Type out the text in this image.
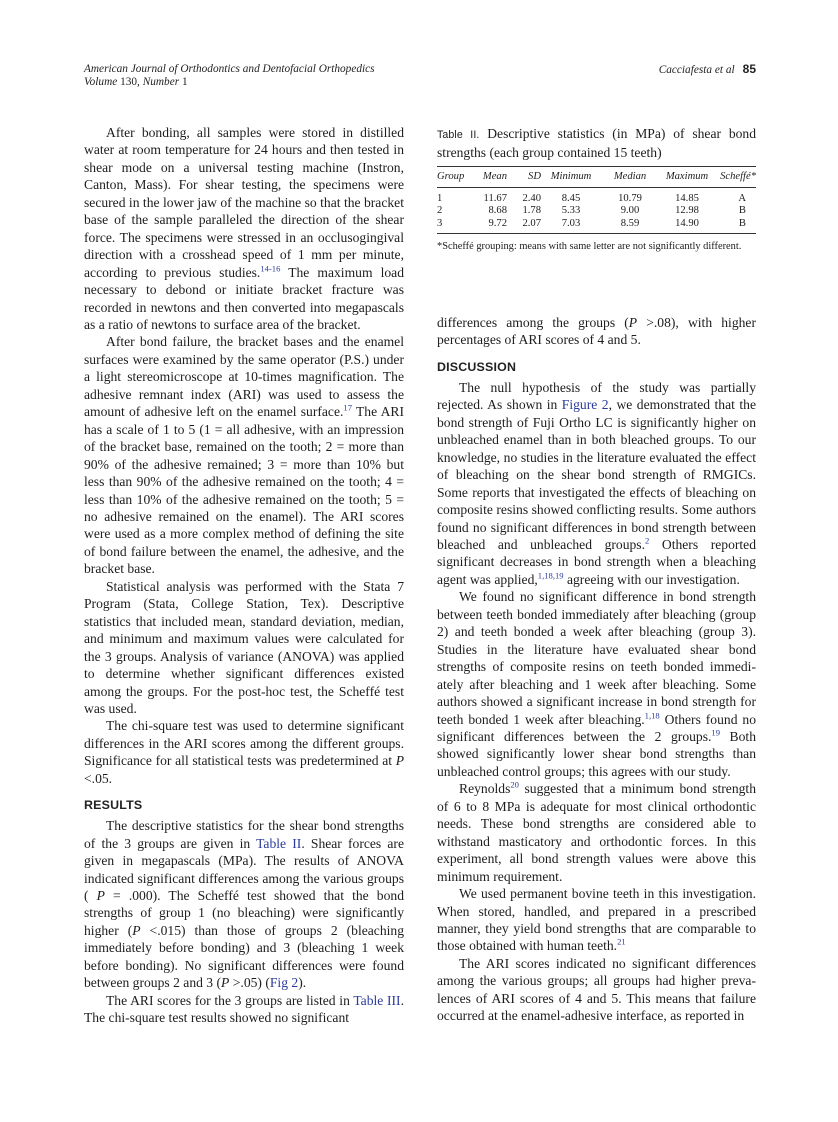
American Journal of Orthodontics and Dentofacial Orthopedics
Volume 130, Number 1
Cacciafesta et al 85

After bonding, all samples were stored in distilled water at room temperature for 24 hours and then tested in shear mode on a universal testing machine (Instron, Canton, Mass). For shear testing, the specimens were secured in the lower jaw of the machine so that the bracket base of the sample paralleled the direction of the shear force. The specimens were stressed in an occlusogingival direction with a crosshead speed of 1 mm per minute, according to previous studies.$^{14-16}$ The maximum load necessary to debond or initiate bracket fracture was recorded in newtons and then converted into megapascals as a ratio of newtons to surface area of the bracket.

After bond failure, the bracket bases and the enamel surfaces were examined by the same operator (P.S.) under a light stereomicroscope at 10-times magnification. The adhesive remnant index (ARI) was used to assess the amount of adhesive left on the enamel surface.$^{17}$ The ARI has a scale of 1 to 5 (1 = all adhesive, with an impression of the bracket base, remained on the tooth; 2 = more than 90% of the adhesive remained; 3 = more than 10% but less than 90% of the adhesive remained on the tooth; 4 = less than 10% of the adhesive remained on the tooth; 5 = no adhesive remained on the enamel). The ARI scores were used as a more complex method of defining the site of bond failure between the enamel, the adhesive, and the bracket base.

Statistical analysis was performed with the Stata 7 Program (Stata, College Station, Tex). Descriptive statistics that included mean, standard deviation, median, and minimum and maximum values were calculated for the 3 groups. Analysis of variance (ANOVA) was applied to determine whether significant differences existed among the groups. For the post-hoc test, the Scheffé test was used.

The chi-square test was used to determine significant differences in the ARI scores among the different groups. Significance for all statistical tests was predetermined at P <.05.

RESULTS

The descriptive statistics for the shear bond strengths of the 3 groups are given in Table II. Shear forces are given in megapascals (MPa). The results of ANOVA indicated significant differences among the various groups ( P = .000). The Scheffé test showed that the bond strengths of group 1 (no bleaching) were significantly higher (P <.015) than those of groups 2 (bleaching immediately before bonding) and 3 (bleaching 1 week before bonding). No significant differences were found between groups 2 and 3 (P >.05) (Fig 2).

The ARI scores for the 3 groups are listed in Table III. The chi-square test results showed no significant

Table II. Descriptive statistics (in MPa) of shear bond strengths (each group contained 15 teeth)
Group	Mean	SD	Minimum	Median	Maximum	Scheffé*
1	11.67	2.40	8.45	10.79	14.85	A
2	8.68	1.78	5.33	9.00	12.98	B
3	9.72	2.07	7.03	8.59	14.90	B
*Scheffé grouping: means with same letter are not significantly different.

differences among the groups (P >.08), with higher percentages of ARI scores of 4 and 5.

DISCUSSION

The null hypothesis of the study was partially rejected. As shown in Figure 2, we demonstrated that the bond strength of Fuji Ortho LC is significantly higher on unbleached enamel than in both bleached groups. To our knowledge, no studies in the literature evaluated the effect of bleaching on the shear bond strength of RMGICs. Some reports that investigated the effects of bleaching on composite resins showed conflicting results. Some authors found no significant differences in bond strength between bleached and unbleached groups.$^2$ Others reported significant decreases in bond strength when a bleaching agent was applied,$^{1,18,19}$ agreeing with our investigation.

We found no significant difference in bond strength between teeth bonded immediately after bleaching (group 2) and teeth bonded a week after bleaching (group 3). Studies in the literature have evaluated shear bond strengths of composite resins on teeth bonded immediately after bleaching and 1 week after bleaching. Some authors showed a significant increase in bond strength for teeth bonded 1 week after bleaching.$^{1,18}$ Others found no significant differences between the 2 groups.$^{19}$ Both showed significantly lower shear bond strengths than unbleached control groups; this agrees with our study.

Reynolds$^{20}$ suggested that a minimum bond strength of 6 to 8 MPa is adequate for most clinical orthodontic needs. These bond strengths are considered able to withstand masticatory and orthodontic forces. In this experiment, all bond strength values were above this minimum requirement.

We used permanent bovine teeth in this investigation. When stored, handled, and prepared in a prescribed manner, they yield bond strengths that are comparable to those obtained with human teeth.$^{21}$

The ARI scores indicated no significant differences among the various groups; all groups had higher prevalences of ARI scores of 4 and 5. This means that failure occurred at the enamel-adhesive interface, as reported in
